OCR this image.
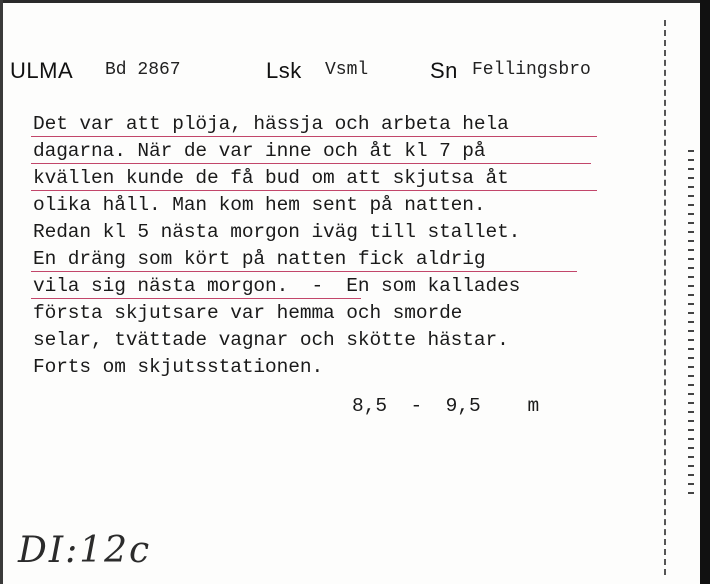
ULMA Bd 2867	Lsk Vsml	Sn Fellingsbro
Det var att plöja, hässja och arbeta hela
dagarna. När de var inne och åt kl 7 på
kvällen kunde de få bud om att skjutsa åt
olika håll. Man kom hem sent på natten.
Redan kl 5 nästa morgon iväg till stallet.
En dräng som kört på natten fick aldrig
vila sig nästa morgon.  -  En som kallades
första skjutsare var hemma och smorde
selar, tvättade vagnar och skötte hästar.
Forts om skjutsstationen.
8,5  -  9,5    m
DI:12c
